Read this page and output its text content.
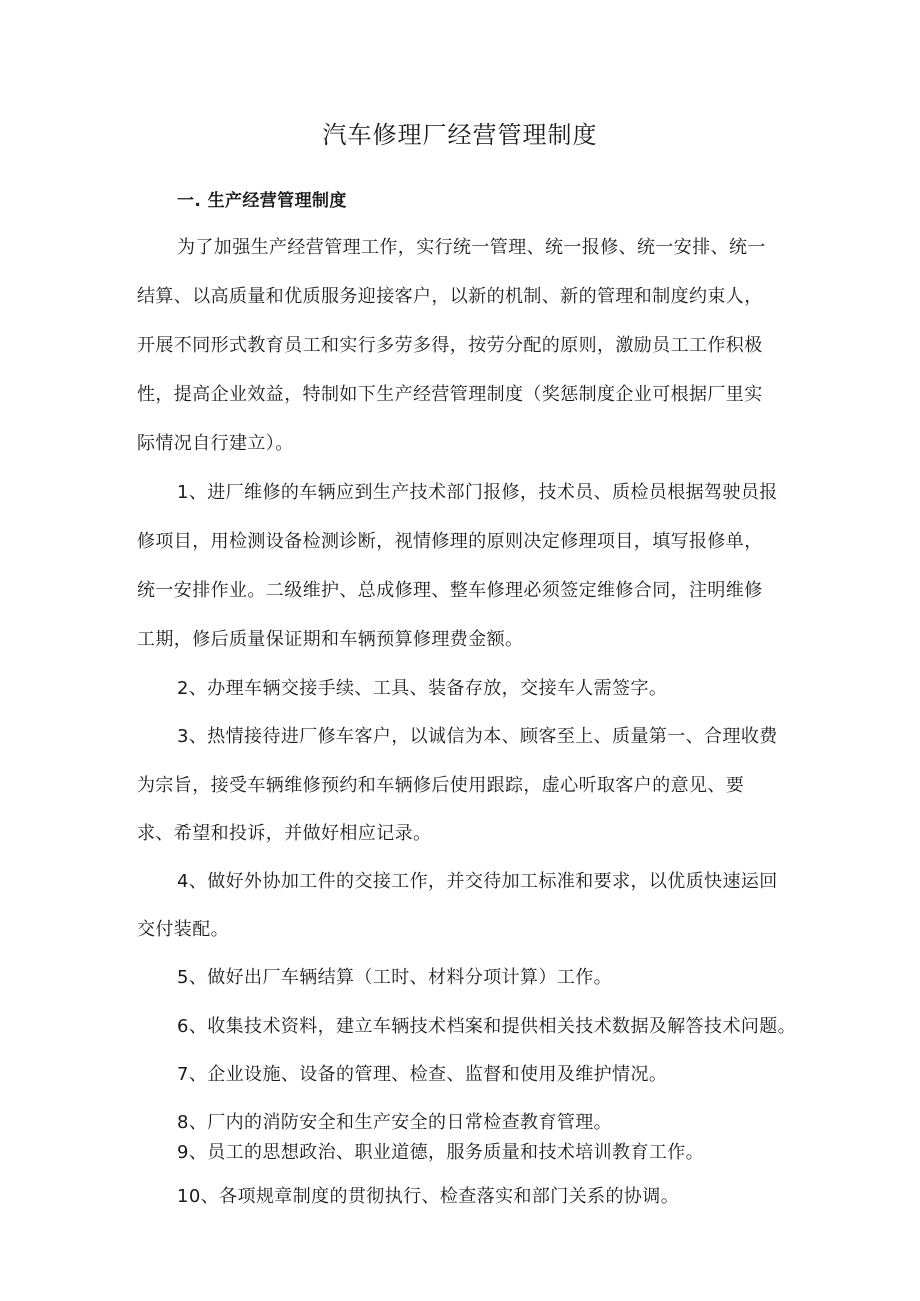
汽车修理厂经营管理制度
一. 生产经营管理制度
为了加强生产经营管理工作，实行统一管理、统一报修、统一安排、统一
结算、以高质量和优质服务迎接客户，以新的机制、新的管理和制度约束人，
开展不同形式教育员工和实行多劳多得，按劳分配的原则，激励员工工作积极
性，提高企业效益，特制如下生产经营管理制度（奖惩制度企业可根据厂里实
际情况自行建立）。
1、进厂维修的车辆应到生产技术部门报修，技术员、质检员根据驾驶员报
修项目，用检测设备检测诊断，视情修理的原则决定修理项目，填写报修单，
统一安排作业。二级维护、总成修理、整车修理必须签定维修合同，注明维修
工期，修后质量保证期和车辆预算修理费金额。
2、办理车辆交接手续、工具、装备存放，交接车人需签字。
3、热情接待进厂修车客户，以诚信为本、顾客至上、质量第一、合理收费
为宗旨，接受车辆维修预约和车辆修后使用跟踪，虚心听取客户的意见、要
求、希望和投诉，并做好相应记录。
4、做好外协加工件的交接工作，并交待加工标准和要求，以优质快速运回
交付装配。
5、做好出厂车辆结算（工时、材料分项计算）工作。
6、收集技术资料，建立车辆技术档案和提供相关技术数据及解答技术问题。
7、企业设施、设备的管理、检查、监督和使用及维护情况。
8、厂内的消防安全和生产安全的日常检查教育管理。
9、员工的思想政治、职业道德，服务质量和技术培训教育工作。
10、各项规章制度的贯彻执行、检查落实和部门关系的协调。
